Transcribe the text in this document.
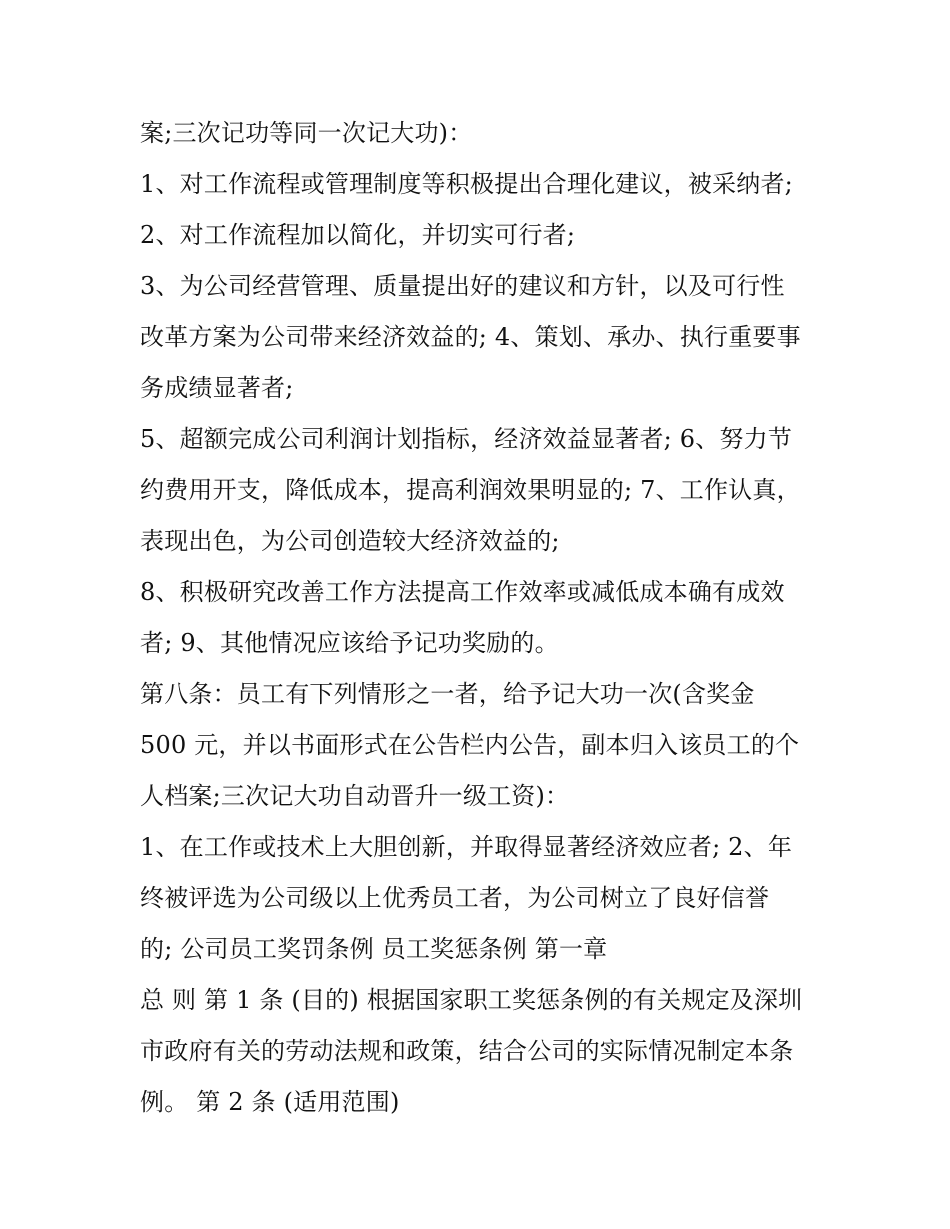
案;三次记功等同一次记大功)：
1、对工作流程或管理制度等积极提出合理化建议，被采纳者;
2、对工作流程加以简化，并切实可行者;
3、为公司经营管理、质量提出好的建议和方针，以及可行性
改革方案为公司带来经济效益的; 4、策划、承办、执行重要事
务成绩显著者;
5、超额完成公司利润计划指标，经济效益显著者; 6、努力节
约费用开支，降低成本，提高利润效果明显的; 7、工作认真，
表现出色，为公司创造较大经济效益的;
8、积极研究改善工作方法提高工作效率或减低成本确有成效
者; 9、其他情况应该给予记功奖励的。
第八条：员工有下列情形之一者，给予记大功一次(含奖金
500 元，并以书面形式在公告栏内公告，副本归入该员工的个
人档案;三次记大功自动晋升一级工资)：
1、在工作或技术上大胆创新，并取得显著经济效应者; 2、年
终被评选为公司级以上优秀员工者，为公司树立了良好信誉
的; 公司员工奖罚条例 员工奖惩条例 第一章
总 则 第 1 条 (目的) 根据国家职工奖惩条例的有关规定及深圳
市政府有关的劳动法规和政策，结合公司的实际情况制定本条
例。 第 2 条 (适用范围)
